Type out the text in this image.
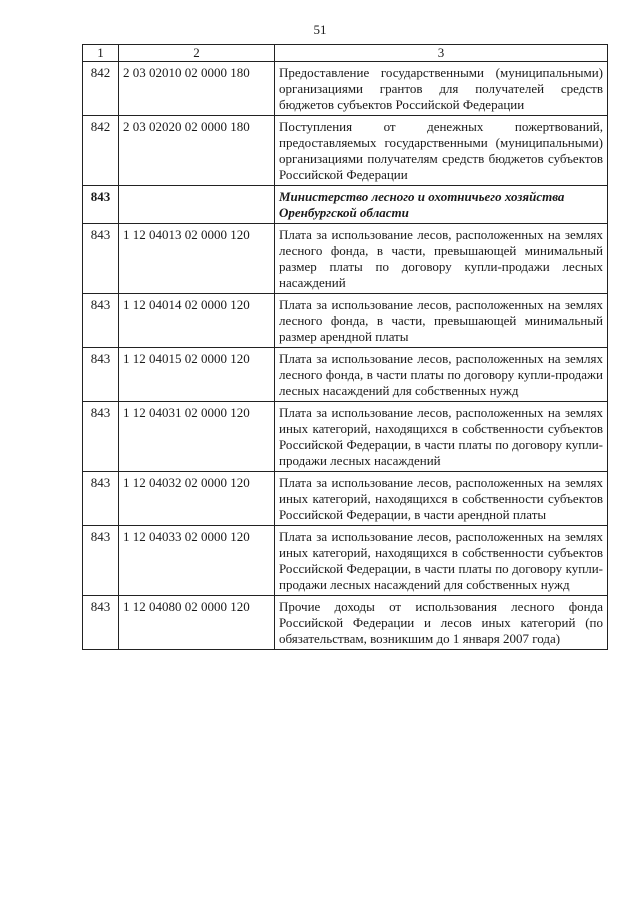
51
1	2	3
842	2 03 02010 02 0000 180	Предоставление государственными (муниципальными) организациями грантов для получателей средств бюджетов субъектов Российской Федерации
842	2 03 02020 02 0000 180	Поступления от денежных пожертвований, предоставляемых государственными (муниципальными) организациями получателям средств бюджетов субъектов Российской Федерации
843		Министерство лесного и охотничьего хозяйства Оренбургской области
843	1 12 04013 02 0000 120	Плата за использование лесов, расположенных на землях лесного фонда, в части, превышающей минимальный размер платы по договору купли-продажи лесных насаждений
843	1 12 04014 02 0000 120	Плата за использование лесов, расположенных на землях лесного фонда, в части, превышающей минимальный размер арендной платы
843	1 12 04015 02 0000 120	Плата за использование лесов, расположенных на землях лесного фонда, в части платы по договору купли-продажи лесных насаждений для собственных нужд
843	1 12 04031 02 0000 120	Плата за использование лесов, расположенных на землях иных категорий, находящихся в собственности субъектов Российской Федерации, в части платы по договору купли-продажи лесных насаждений
843	1 12 04032 02 0000 120	Плата за использование лесов, расположенных на землях иных категорий, находящихся в собственности субъектов Российской Федерации, в части арендной платы
843	1 12 04033 02 0000 120	Плата за использование лесов, расположенных на землях иных категорий, находящихся в собственности субъектов Российской Федерации, в части платы по договору купли-продажи лесных насаждений для собственных нужд
843	1 12 04080 02 0000 120	Прочие доходы от использования лесного фонда Российской Федерации и лесов иных категорий (по обязательствам, возникшим до 1 января 2007 года)
